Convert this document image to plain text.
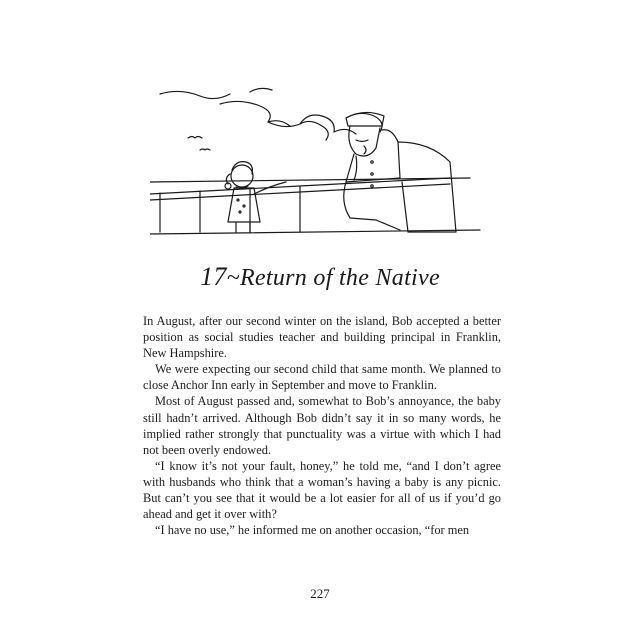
17~Return of the Native

In August, after our second winter on the island, Bob accepted a better position as social studies teacher and building principal in Franklin, New Hampshire.

We were expecting our second child that same month. We planned to close Anchor Inn early in September and move to Franklin.

Most of August passed and, somewhat to Bob’s annoyance, the baby still hadn’t arrived. Although Bob didn’t say it in so many words, he implied rather strongly that punctuality was a virtue with which I had not been overly endowed.

“I know it’s not your fault, honey,” he told me, “and I don’t agree with husbands who think that a woman’s having a baby is any picnic. But can’t you see that it would be a lot easier for all of us if you’d go ahead and get it over with?

“I have no use,” he informed me on another occasion, “for men

227
